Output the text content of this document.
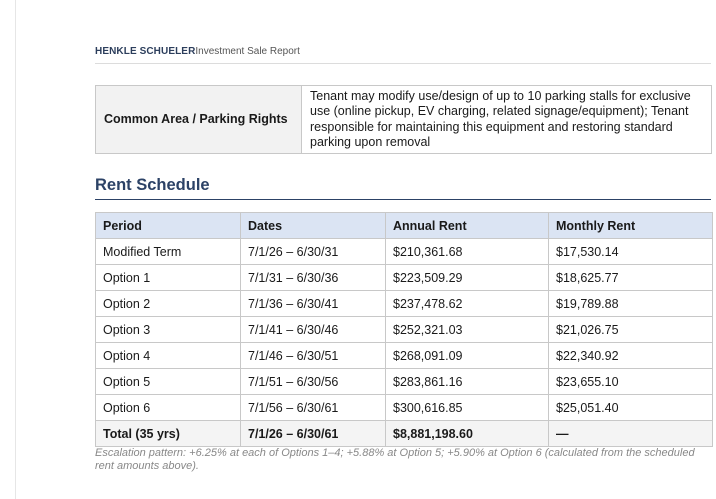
HENKLE SCHUELERInvestment Sale Report
Common Area / Parking Rights	Tenant may modify use/design of up to 10 parking stalls for exclusive use (online pickup, EV charging, related signage/equipment); Tenant responsible for maintaining this equipment and restoring standard parking upon removal
Rent Schedule
Period	Dates	Annual Rent	Monthly Rent
Modified Term	7/1/26 – 6/30/31	$210,361.68	$17,530.14
Option 1	7/1/31 – 6/30/36	$223,509.29	$18,625.77
Option 2	7/1/36 – 6/30/41	$237,478.62	$19,789.88
Option 3	7/1/41 – 6/30/46	$252,321.03	$21,026.75
Option 4	7/1/46 – 6/30/51	$268,091.09	$22,340.92
Option 5	7/1/51 – 6/30/56	$283,861.16	$23,655.10
Option 6	7/1/56 – 6/30/61	$300,616.85	$25,051.40
Total (35 yrs)	7/1/26 – 6/30/61	$8,881,198.60	—
Escalation pattern: +6.25% at each of Options 1–4; +5.88% at Option 5; +5.90% at Option 6 (calculated from the scheduled rent amounts above).
